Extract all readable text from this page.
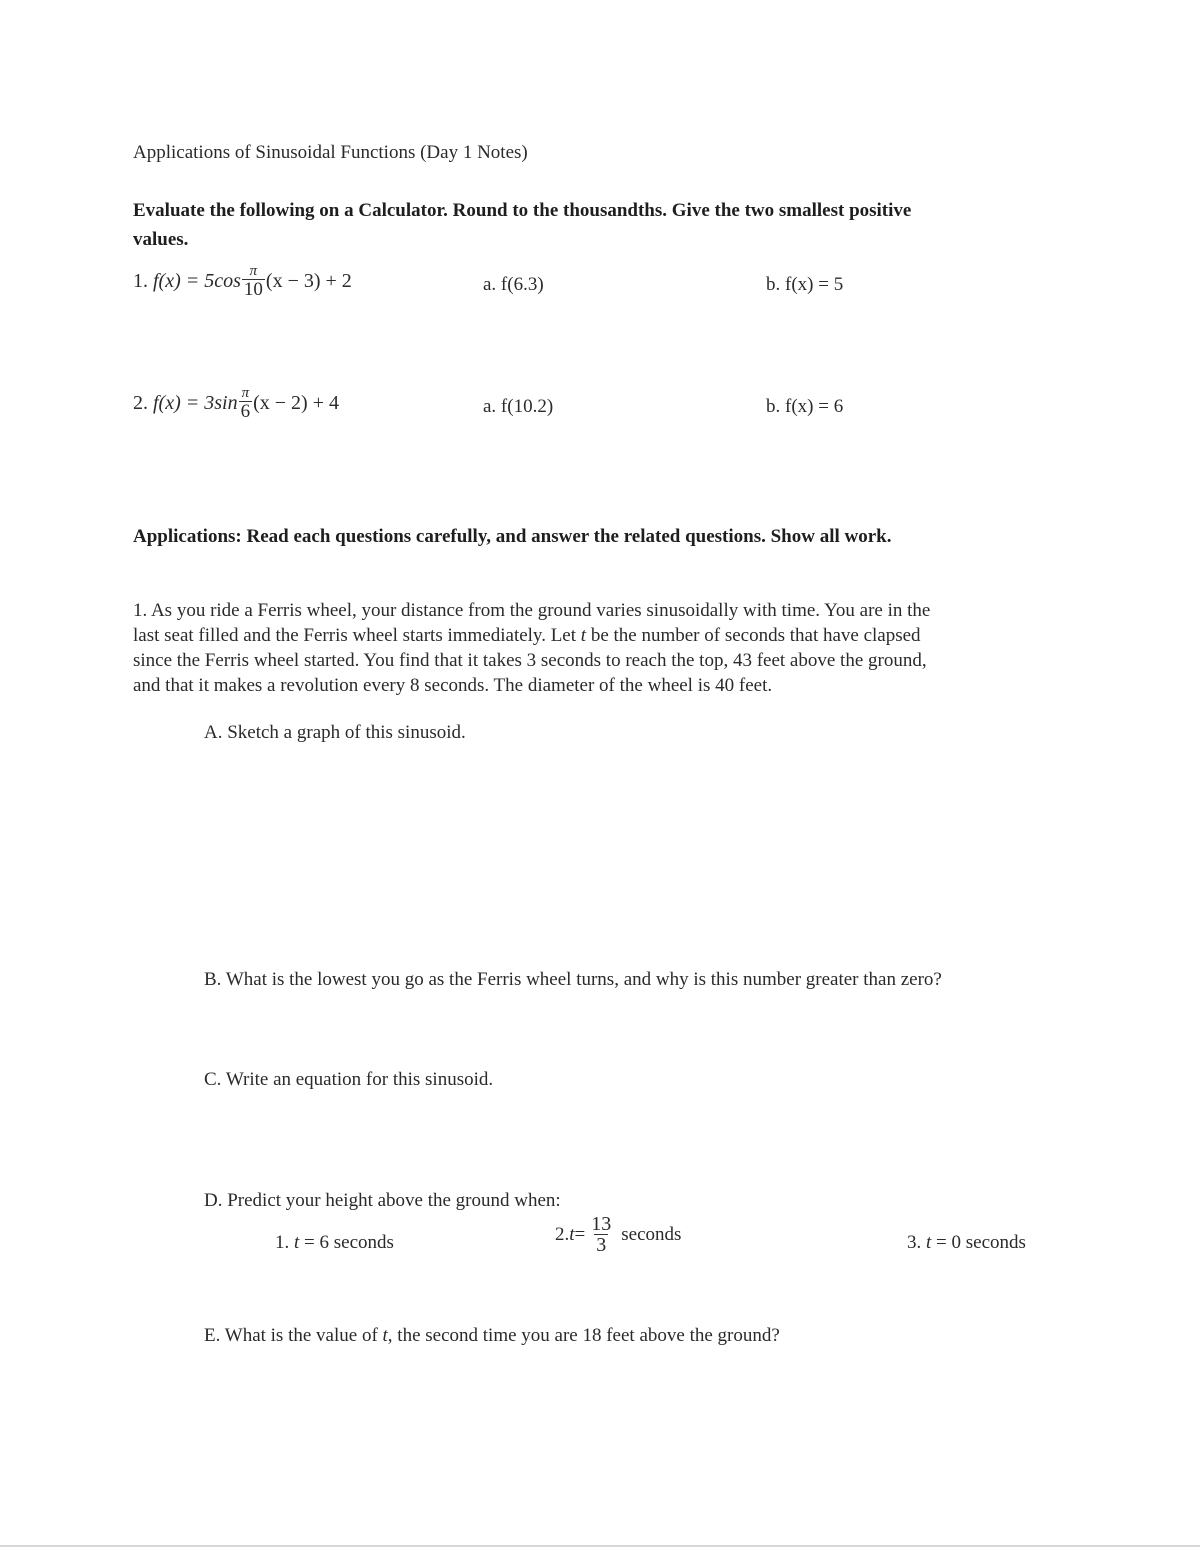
Applications of Sinusoidal Functions (Day 1 Notes)
Evaluate the following on a Calculator. Round to the thousandths. Give the two smallest positive
values.
1.
$f(x) = 5\cos \frac{\pi}{10} (x - 3) + 2$	a. f(6.3)	b. f(x) = 5
2.
$f(x) = 3\sin \frac{\pi}{6} (x - 2) + 4$	a. f(10.2)	b. f(x) = 6
Applications: Read each questions carefully, and answer the related questions. Show all work.
1. As you ride a Ferris wheel, your distance from the ground varies sinusoidally with time. You are in the
last seat filled and the Ferris wheel starts immediately. Let t be the number of seconds that have clapsed
since the Ferris wheel started. You find that it takes 3 seconds to reach the top, 43 feet above the ground,
and that it makes a revolution every 8 seconds. The diameter of the wheel is 40 feet.
A. Sketch a graph of this sinusoid.
B. What is the lowest you go as the Ferris wheel turns, and why is this number greater than zero?
C. Write an equation for this sinusoid.
D. Predict your height above the ground when:
1. t = 6 seconds	2. $t = \frac{13}{3}$ seconds	3. t = 0 seconds
E. What is the value of t, the second time you are 18 feet above the ground?
